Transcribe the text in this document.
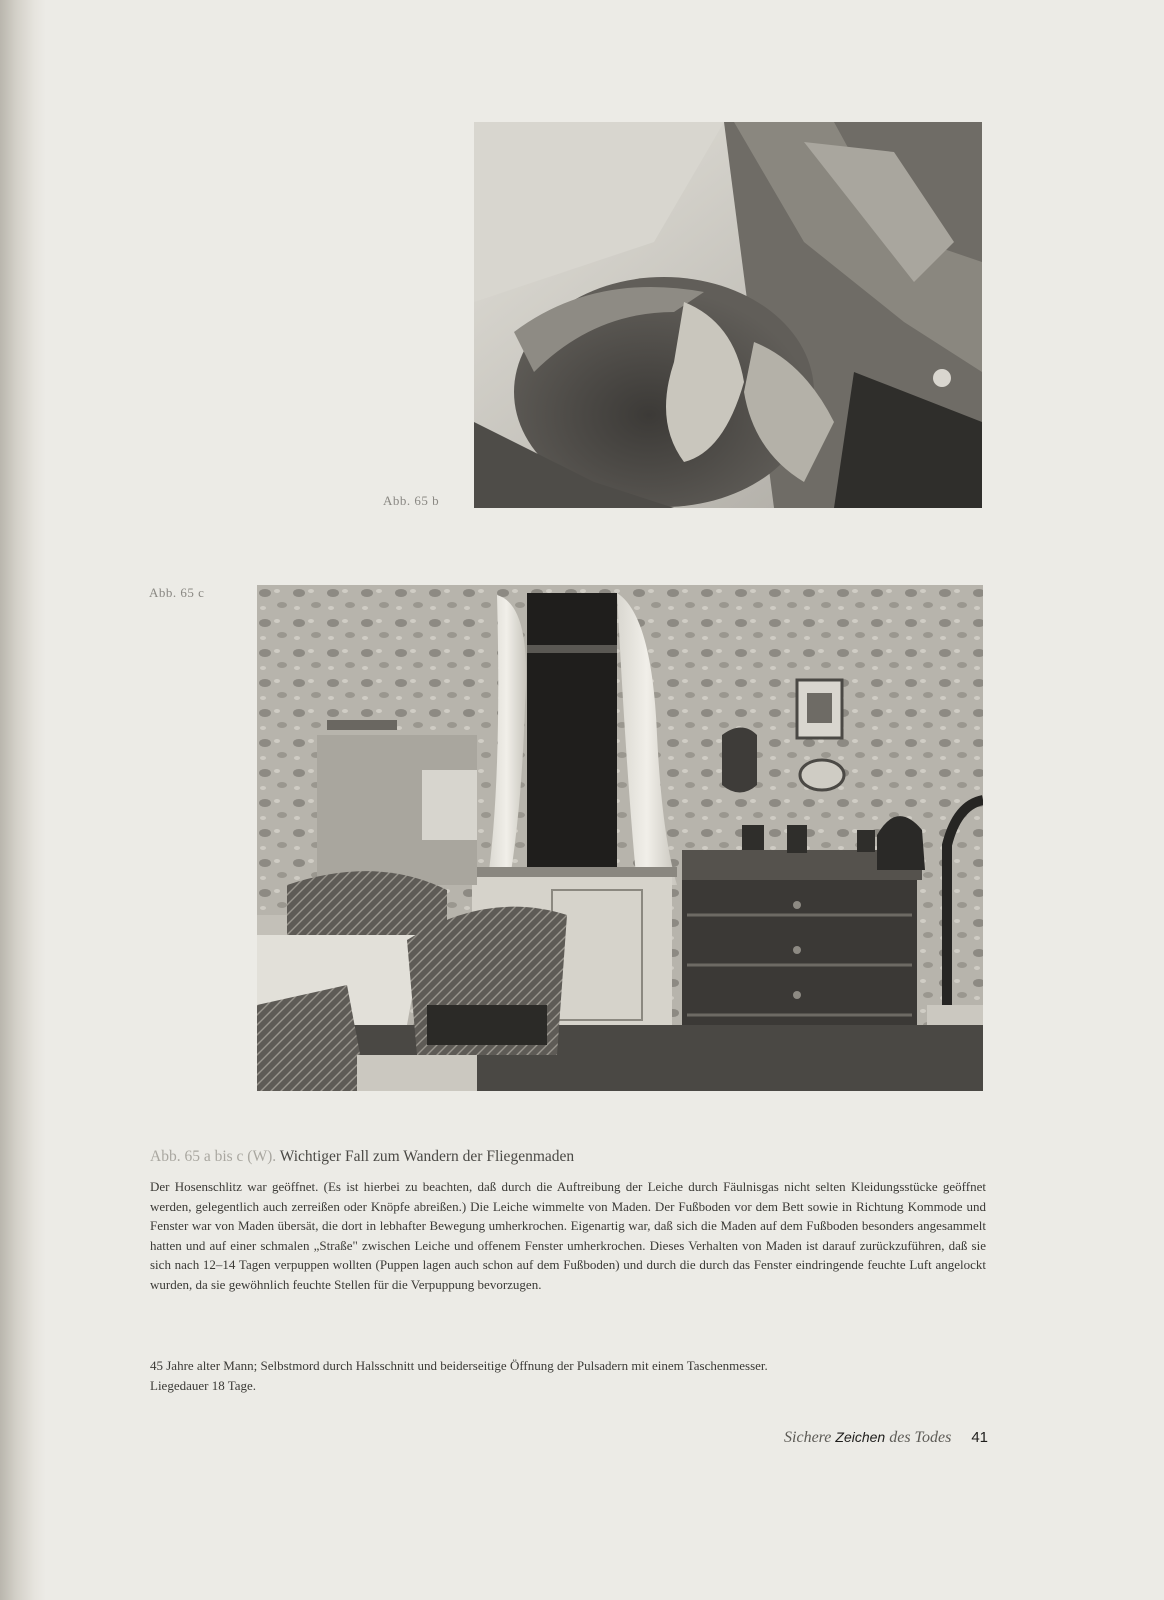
Abb. 65 b
Abb. 65 c
Abb. 65 a bis c (W). Wichtiger Fall zum Wandern der Fliegenmaden
Der Hosenschlitz war geöffnet. (Es ist hierbei zu beachten, daß durch die Auftreibung der Leiche durch Fäulnisgas nicht selten Kleidungsstücke geöffnet werden, gelegentlich auch zerreißen oder Knöpfe abreißen.) Die Leiche wimmelte von Maden. Der Fußboden vor dem Bett sowie in Richtung Kommode und Fenster war von Maden übersät, die dort in lebhafter Bewegung umherkrochen. Eigenartig war, daß sich die Maden auf dem Fußboden besonders angesammelt hatten und auf einer schmalen „Straße" zwischen Leiche und offenem Fenster umherkrochen. Dieses Verhalten von Maden ist darauf zurückzuführen, daß sie sich nach 12–14 Tagen verpuppen wollten (Puppen lagen auch schon auf dem Fußboden) und durch die durch das Fenster eindringende feuchte Luft angelockt wurden, da sie gewöhnlich feuchte Stellen für die Verpuppung bevorzugen.
45 Jahre alter Mann; Selbstmord durch Halsschnitt und beiderseitige Öffnung der Pulsadern mit einem Taschenmesser.
Liegedauer 18 Tage.
Sichere Zeichen des Todes 41
